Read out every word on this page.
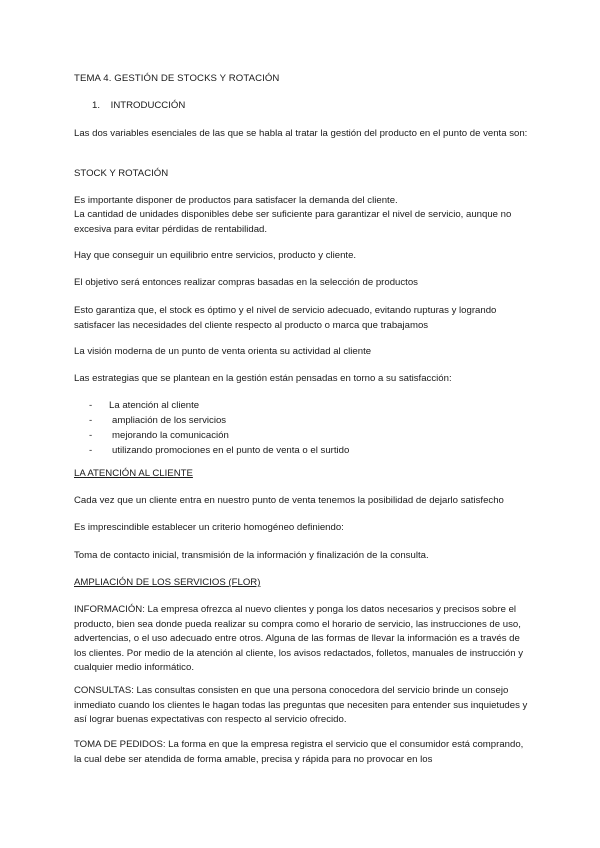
TEMA 4. GESTIÓN DE STOCKS Y ROTACIÓN

1. INTRODUCCIÓN

Las dos variables esenciales de las que se habla al tratar la gestión del producto en el punto de venta son:

STOCK Y ROTACIÓN

Es importante disponer de productos para satisfacer la demanda del cliente.

La cantidad de unidades disponibles debe ser suficiente para garantizar el nivel de servicio, aunque no excesiva para evitar pérdidas de rentabilidad.

Hay que conseguir un equilibrio entre servicios, producto y cliente.

El objetivo será entonces realizar compras basadas en la selección de productos

Esto garantiza que, el stock es óptimo y el nivel de servicio adecuado, evitando rupturas y logrando satisfacer las necesidades del cliente respecto al producto o marca que trabajamos

La visión moderna de un punto de venta orienta su actividad al cliente

Las estrategias que se plantean en la gestión están pensadas en torno a su satisfacción:

- La atención al cliente
- ampliación de los servicios
- mejorando la comunicación
- utilizando promociones en el punto de venta o el surtido

LA ATENCIÓN AL CLIENTE

Cada vez que un cliente entra en nuestro punto de venta tenemos la posibilidad de dejarlo satisfecho

Es imprescindible establecer un criterio homogéneo definiendo:

Toma de contacto inicial, transmisión de la información y finalización de la consulta.

AMPLIACIÓN DE LOS SERVICIOS (FLOR)

INFORMACIÓN: La empresa ofrezca al nuevo clientes y ponga los datos necesarios y precisos sobre el producto, bien sea donde pueda realizar su compra como el horario de servicio, las instrucciones de uso, advertencias, o el uso adecuado entre otros. Alguna de las formas de llevar la información es a través de los clientes. Por medio de la atención al cliente, los avisos redactados, folletos, manuales de instrucción y cualquier medio informático.

CONSULTAS: Las consultas consisten en que una persona conocedora del servicio brinde un consejo inmediato cuando los clientes le hagan todas las preguntas que necesiten para entender sus inquietudes y así lograr buenas expectativas con respecto al servicio ofrecido.

TOMA DE PEDIDOS: La forma en que la empresa registra el servicio que el consumidor está comprando, la cual debe ser atendida de forma amable, precisa y rápida para no provocar en los
